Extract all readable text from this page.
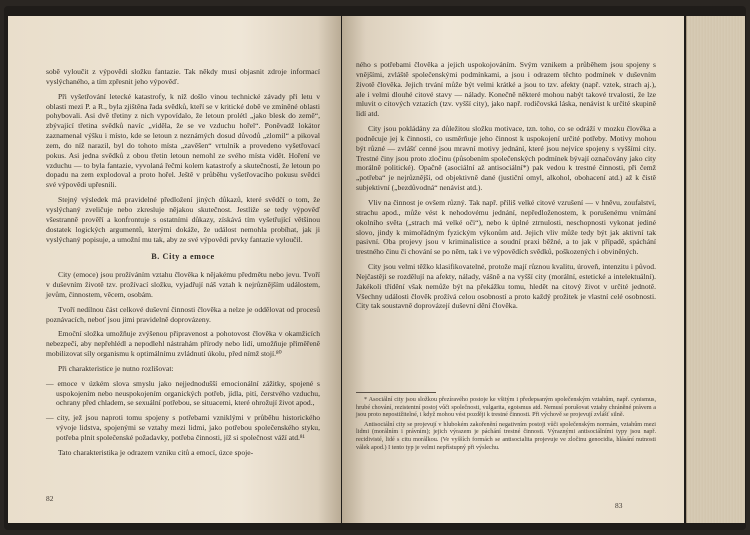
sobě vyloučit z výpovědi složku fantazie. Tak někdy musí objasnit zdroje informací vyslýchaného, a tím zpřesnit jeho výpověď.

Při vyšetřování letecké katastrofy, k níž došlo vinou technické závady při letu v oblasti mezi P. a R., byla zjištěna řada svědků, kteří se v kritické době ve zmíněné oblasti pohybovali. Asi dvě třetiny z nich vypovídalo, že letoun prolétl „jako blesk do země“, zbývající třetina svědků navíc „viděla, že se ve vzduchu hořel“. Poněvadž lokátor zaznamenal výšku i místo, kde se letoun z neznámých dosud důvodů „zlomil“ a pikoval zem, do níž narazil, byl do tohoto místa „zavěšen“ vrtulník a provedeno vyšetřovací pokus. Asi jedna svědků z obou třetin letoun nemohl ze svého místa vidět. Hoření ve vzduchu — to byla fantazie, vyvolaná řečmi kolem katastrofy a skutečností, že letoun po dopadu na zem explodoval a proto hořel. Ještě v průběhu vyšetřovacího pokusu svědci své výpovědi upřesnili.

Stejný výsledek má pravidelné předložení jiných důkazů, které svědčí o tom, že vyslýchaný zveličuje nebo zkresluje nějakou skutečnost. Jestliže se tedy výpověď všestranně prověří a konfrontuje s ostatními důkazy, získává tím vyšetřující většinou dostatek logických argumentů, kterými dokáže, že událost nemohla probíhat, jak ji vyslýchaný popisuje, a umožní mu tak, aby ze své výpovědi prvky fantazie vyloučil.

B. City a emoce

City (emoce) jsou prožíváním vztahu člověka k nějakému předmětu nebo jevu. Tvoří v duševním životě tzv. prožívací složku, vyjadřují náš vztah k nejrůznějším událostem, jevům, činnostem, věcem, osobám.

Tvoří nedílnou část celkové duševní činnosti člověka a nelze je oddělovat od procesů poznávacích, neboť jsou jimi pravidelně doprovázeny.

Emoční složka umožňuje zvýšenou připravenost a pohotovost člověka v okamžicích nebezpečí, aby nepřehlédl a nepodlehl nástrahám přírody nebo lidí, umožňuje přiměřeně mobilizovat síly organismu k optimálnímu zvládnutí úkolu, před nímž stojí.⁸⁰

Při charakteristice je nutno rozlišovat:

— emoce v úzkém slova smyslu jako nejjednodušší emocionální zážitky, spojené s uspokojením nebo neuspokojením organických potřeb, jídla, pití, čerstvého vzduchu, ochrany před chladem, se sexuální potřebou, se situacemi, které ohrožují život apod.,

— city, jež jsou naproti tomu spojeny s potřebami vzniklými v průběhu historického vývoje lidstva, spojenými se vztahy mezi lidmi, jako potřebou společenského styku, potřeba plnit společenské požadavky, potřeba činnosti, jíž si společnost váží atd.⁸¹

Tato charakteristika je odrazem vzniku citů a emocí, úzce spoje-

82

ného s potřebami člověka a jejich uspokojováním. Svým vznikem a průběhem jsou spojeny s vnějšími, zvláště společenskými podmínkami, a jsou i odrazem těchto podmínek v duševním životě člověka. Jejich trvání může být velmi krátké a jsou to tzv. afekty (např. vztek, strach aj.), ale i velmi dlouhé citové stavy — nálady. Konečně některé mohou nabýt takové trvalosti, že lze mluvit o citových vztazích (tzv. vyšší city), jako např. rodičovská láska, nenávist k určité skupině lidí atd.

City jsou pokládány za důležitou složku motivace, tzn. toho, co se odráží v mozku člověka a podněcuje jej k činnosti, co usměrňuje jeho činnost k uspokojení určité potřeby. Motivy mohou být různé — zvlášť cenné jsou mravní motivy jednání, které jsou nejvíce spojeny s vyššími city. Trestné činy jsou proto zločinu (působením společenských podmínek bývají označovány jako city morálně politické). Opačně (asociální až antisociální*) pak vedou k trestné činnosti, při čemž „potřeba“ je nejrůznější, od objektivně dané (justiční omyl, alkohol, obohacení atd.) až k čistě subjektivní („bezdůvodná“ nenávist atd.).

Vliv na činnost je ovšem různý. Tak např. příliš velké citové vzrušení — v hněvu, zoufalství, strachu apod., může vést k nehodovému jednání, nepředloženostem, k porušenému vnímání okolního světa („strach má velké oči“), nebo k úplné ztrnulosti, neschopnosti vykonat jediné slovo, jindy k mimořádným fyzickým výkonům atd. Jejich vliv může tedy být jak aktivní tak pasivní. Oba projevy jsou v kriminalistice a soudní praxi běžné, a to jak v případě, spáchání trestného činu či chování se po něm, tak i ve výpovědích svědků, poškozených i obviněných.

City jsou velmi těžko klasifikovatelné, protože mají různou kvalitu, úroveň, intenzitu i původ. Nejčastěji se rozdělují na afekty, nálady, vášně a na vyšší city (morální, estetické a intelektuální). Jakékoli třídění však nemůže být na překážku tomu, hledět na citový život v určité jednotě. Všechny události člověk prožívá celou osobností a proto každý prožitek je vlastní celé osobnosti. City tak soustavně doprovázejí duševní dění člověka.

* Asociální city jsou složkou přezíravého postoje ke všitým i předepsaným společenským vztahům, např. cynismus, hrubé chování, rezistentní postoj vůči společnosti, vulgarita, egoismus atd. Nemusí porušovat vztahy chráněné právem a jsou proto nepostižitelné, i když mohou vést později k trestné činnosti. Při výchově se projevují zvlášť silně.

Antisociální city se projevují v hlubokém zakořenění negativním postoji vůči společenským normám, vztahům mezi lidmi (morálním i právním); jejich výrazem je páchání trestné činnosti. Výraznými antisociálními typy jsou např. recidivisté, lidé s citu morálkou. (Ve vyšších formách se antisocialita projevuje ve zločinu genocidia, hlásání nutnosti válek apod.) I tento typ je velmi nepřístupný při výslechu.

83
